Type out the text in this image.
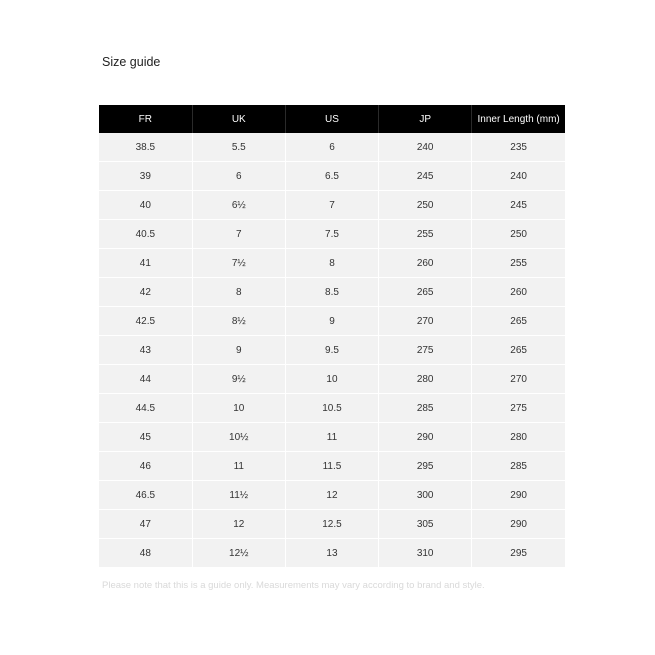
Size guide
FR	UK	US	JP	Inner Length (mm)
38.5	5.5	6	240	235
39	6	6.5	245	240
40	6½	7	250	245
40.5	7	7.5	255	250
41	7½	8	260	255
42	8	8.5	265	260
42.5	8½	9	270	265
43	9	9.5	275	265
44	9½	10	280	270
44.5	10	10.5	285	275
45	10½	11	290	280
46	11	11.5	295	285
46.5	11½	12	300	290
47	12	12.5	305	290
48	12½	13	310	295
Please note that this is a guide only. Measurements may vary according to brand and style.
